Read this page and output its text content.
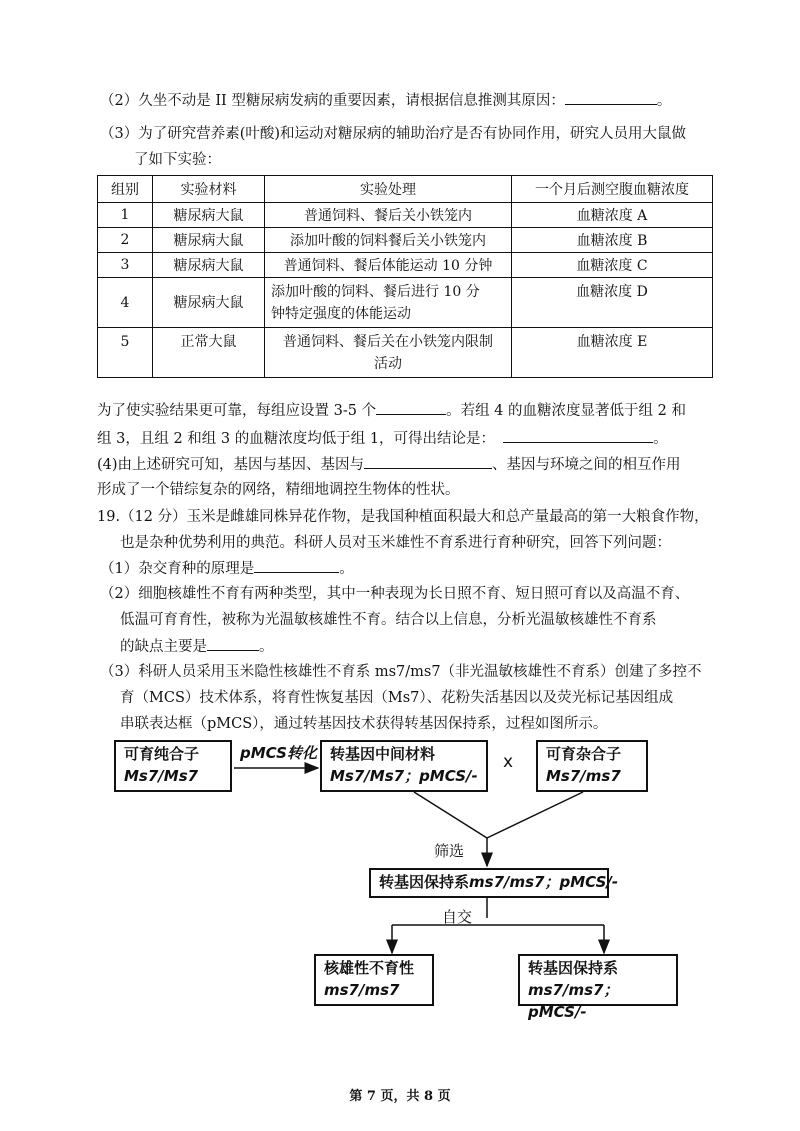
（2）久坐不动是 II 型糖尿病发病的重要因素，请根据信息推测其原因：	。
（3）为了研究营养素(叶酸)和运动对糖尿病的辅助治疗是否有协同作用，研究人员用大鼠做
了如下实验：
组别	实验材料	实验处理	一个月后测空腹血糖浓度
1	糖尿病大鼠	普通饲料、餐后关小铁笼内	血糖浓度 A
2	糖尿病大鼠	添加叶酸的饲料餐后关小铁笼内	血糖浓度 B
3	糖尿病大鼠	普通饲料、餐后体能运动 10 分钟	血糖浓度 C
4	糖尿病大鼠	添加叶酸的饲料、餐后进行 10 分
钟特定强度的体能运动	血糖浓度 D
5	正常大鼠	普通饲料、餐后关在小铁笼内限制
活动	血糖浓度 E
为了使实验结果更可靠，每组应设置 3-5 个	。若组 4 的血糖浓度显著低于组 2 和
组 3，且组 2 和组 3 的血糖浓度均低于组 1，可得出结论是：	。
(4)由上述研究可知，基因与基因、基因与	、基因与环境之间的相互作用
形成了一个错综复杂的网络，精细地调控生物体的性状。
19.（12 分）玉米是雌雄同株异花作物，是我国种植面积最大和总产量最高的第一大粮食作物，
也是杂种优势利用的典范。科研人员对玉米雄性不育系进行育种研究，回答下列问题：
（1）杂交育种的原理是	。
（2）细胞核雄性不育有两种类型，其中一种表现为长日照不育、短日照可育以及高温不育、
低温可育育性，被称为光温敏核雄性不育。结合以上信息，分析光温敏核雄性不育系
的缺点主要是	。
（3）科研人员采用玉米隐性核雄性不育系 ms7/ms7（非光温敏核雄性不育系）创建了多控不
育（MCS）技术体系，将育性恢复基因（Ms7）、花粉失活基因以及荧光标记基因组成
串联表达框（pMCS），通过转基因技术获得转基因保持系，过程如图所示。
可育纯合子
Ms7/Ms7
pMCS转化 转基因中间材料
Ms7/Ms7；pMCS/-
x 可育杂合子
Ms7/ms7
筛选
转基因保持系ms7/ms7；pMCS/-
自交
核雄性不育性
ms7/ms7
转基因保持系
ms7/ms7；pMCS/-
第 7 页，共 8 页
